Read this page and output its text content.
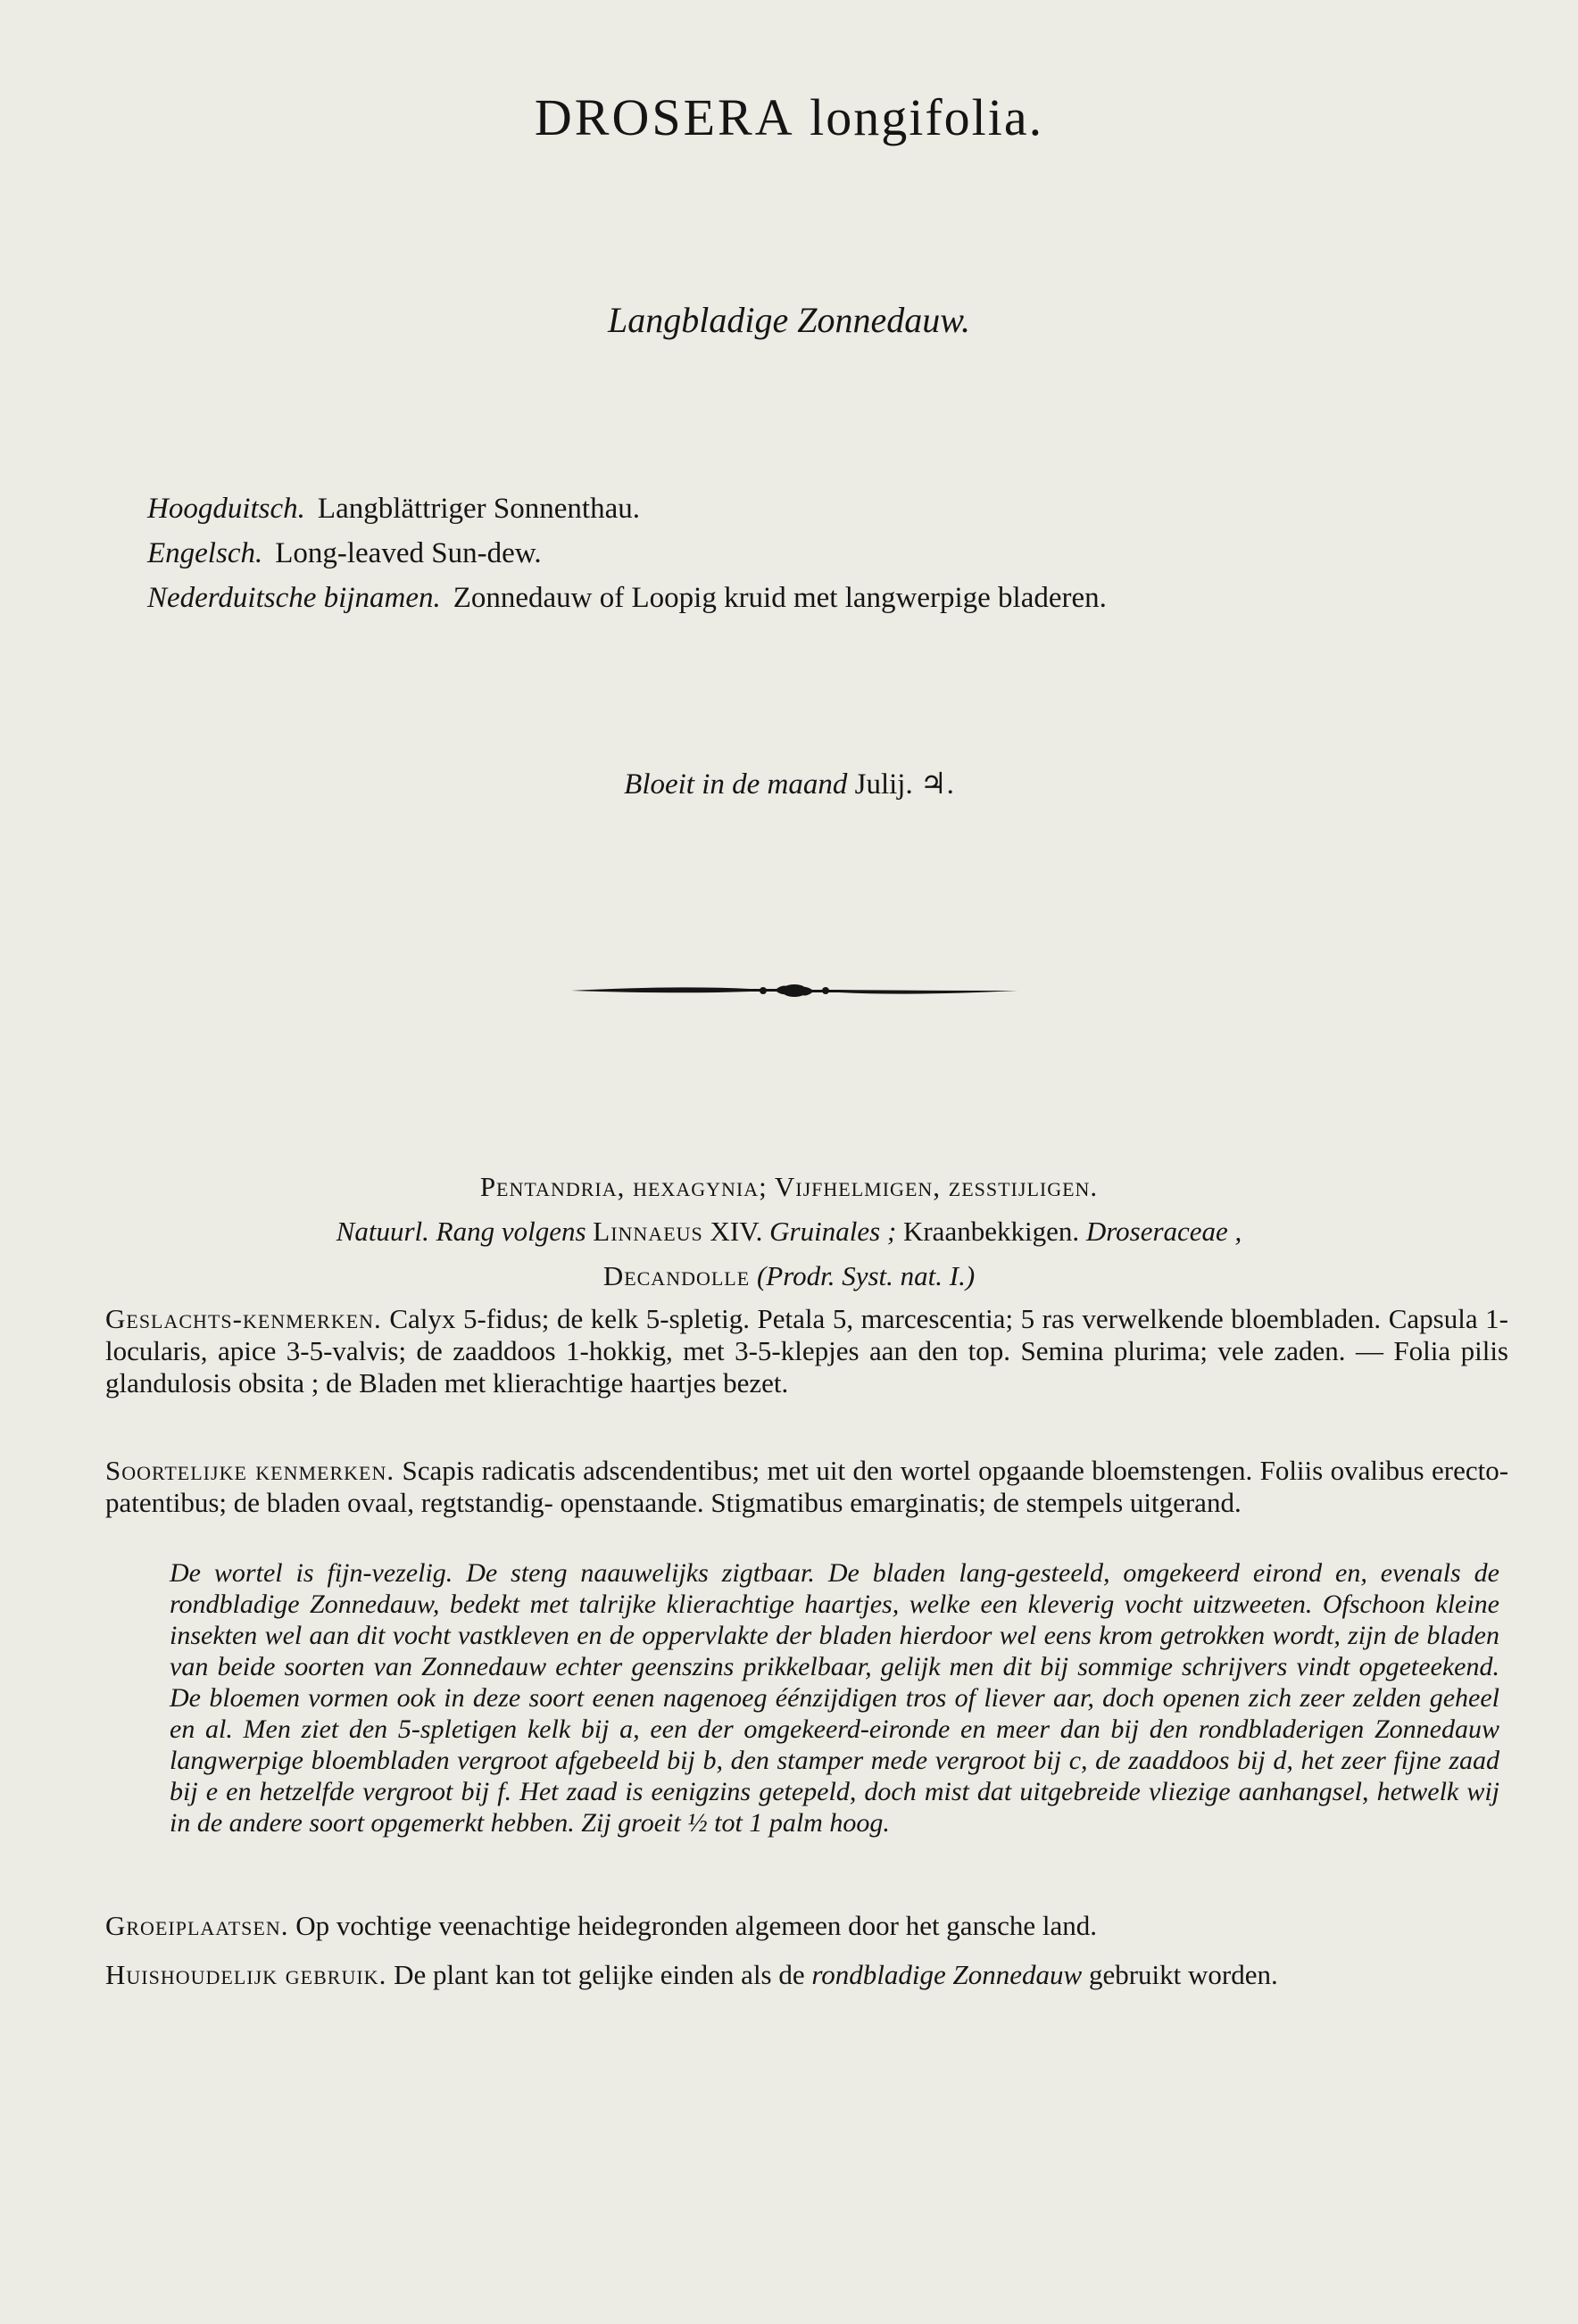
DROSERA longifolia.
Langbladige Zonnedauw.
Hoogduitsch. Langblättriger Sonnenthau.
Engelsch. Long-leaved Sun-dew.
Nederduitsche bijnamen. Zonnedauw of Loopig kruid met langwerpige bladeren.
Bloeit in de maand Julij. ♃.
Pentandria, hexagynia; Vijfhelmigen, zesstijligen.
Natuurl. Rang volgens Linnaeus XIV. Gruinales ; Kraanbekkigen. Droseraceae ,
Decandolle (Prodr. Syst. nat. I.)
Geslachts-kenmerken. Calyx 5-fidus; de kelk 5-spletig. Petala 5, marcescentia; 5 ras verwelkende bloembladen. Capsula 1-locularis, apice 3-5-valvis; de zaaddoos 1-hokkig, met 3-5-klepjes aan den top. Semina plurima; vele zaden. — Folia pilis glandulosis obsita ; de Bladen met klierachtige haartjes bezet.
Soortelijke kenmerken. Scapis radicatis adscendentibus; met uit den wortel opgaande bloemstengen. Foliis ovalibus erecto-patentibus; de bladen ovaal, regtstandig- openstaande. Stigmatibus emarginatis; de stempels uitgerand.
De wortel is fijn-vezelig. De steng naauwelijks zigtbaar. De bladen lang-gesteeld, omgekeerd eirond en, evenals de rondbladige Zonnedauw, bedekt met talrijke klierachtige haartjes, welke een kleverig vocht uitzweeten. Ofschoon kleine insekten wel aan dit vocht vastkleven en de oppervlakte der bladen hierdoor wel eens krom getrokken wordt, zijn de bladen van beide soorten van Zonnedauw echter geenszins prikkelbaar, gelijk men dit bij sommige schrijvers vindt opgeteekend. De bloemen vormen ook in deze soort eenen nagenoeg éénzijdigen tros of liever aar, doch openen zich zeer zelden geheel en al. Men ziet den 5-spletigen kelk bij a, een der omgekeerd-eironde en meer dan bij den rondbladerigen Zonnedauw langwerpige bloembladen vergroot afgebeeld bij b, den stamper mede vergroot bij c, de zaaddoos bij d, het zeer fijne zaad bij e en hetzelfde vergroot bij f. Het zaad is eenigzins getepeld, doch mist dat uitgebreide vliezige aanhangsel, hetwelk wij in de andere soort opgemerkt hebben. Zij groeit ½ tot 1 palm hoog.
Groeiplaatsen. Op vochtige veenachtige heidegronden algemeen door het gansche land.
Huishoudelijk gebruik. De plant kan tot gelijke einden als de rondbladige Zonnedauw gebruikt worden.
